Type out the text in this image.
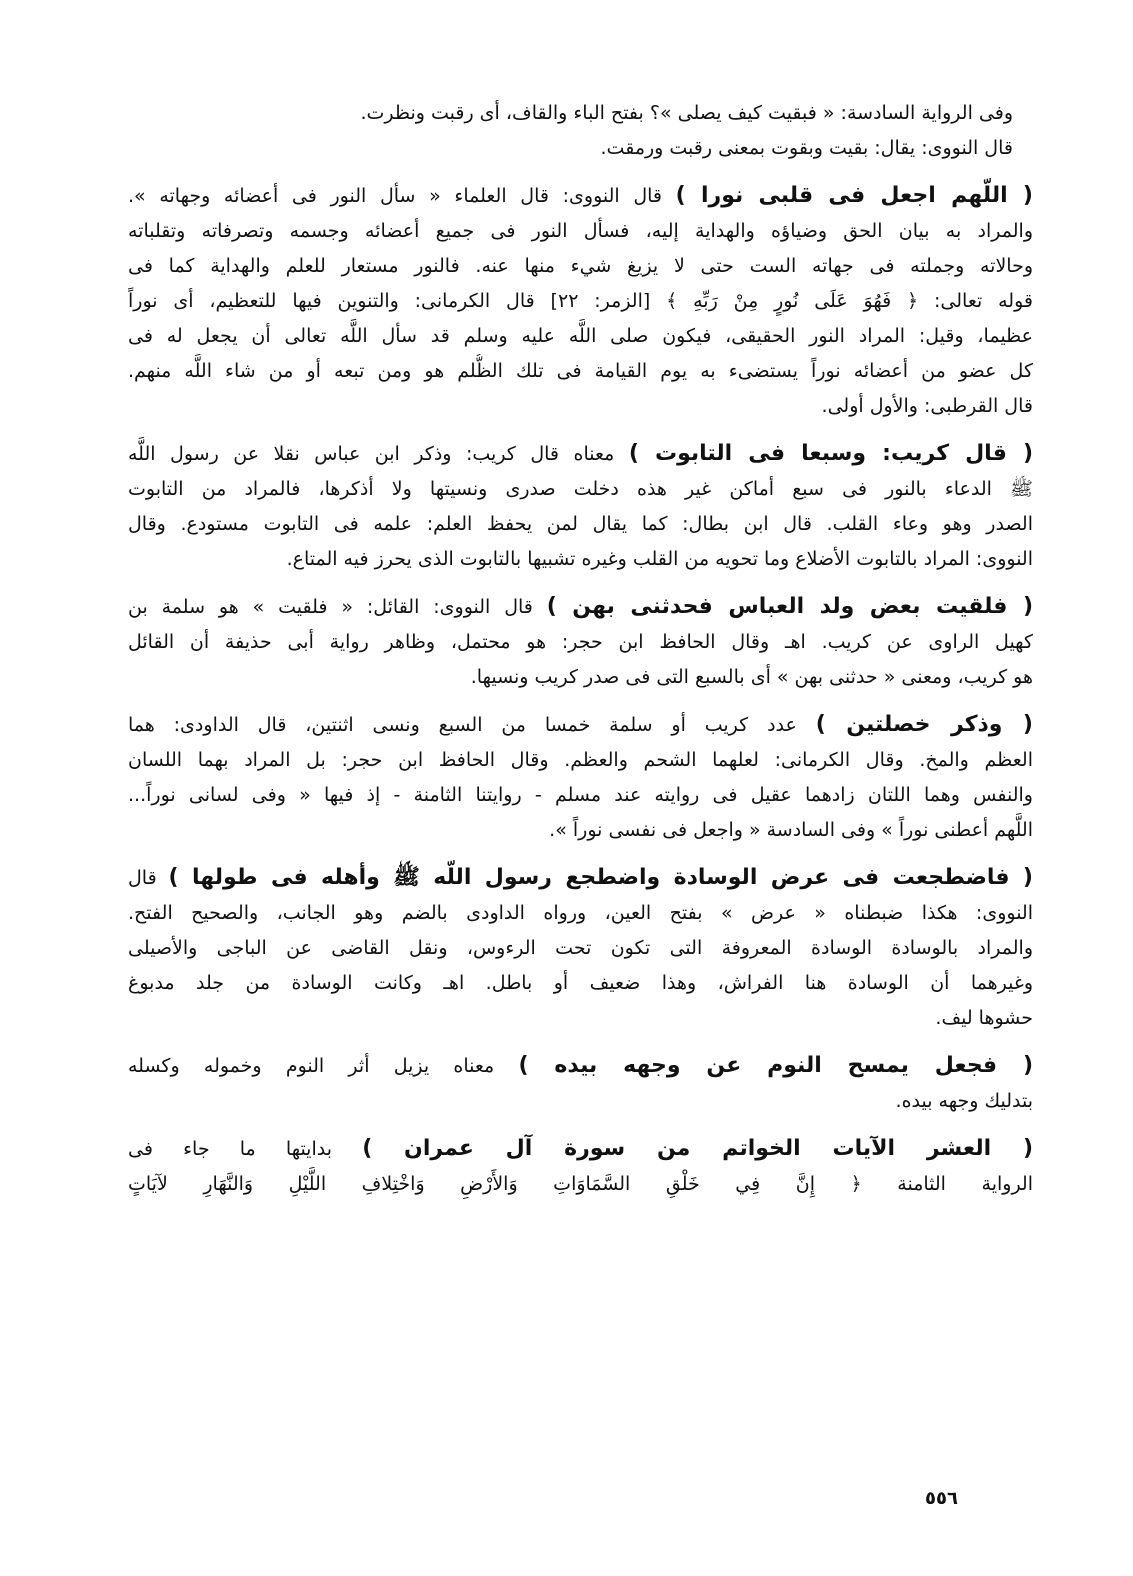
وفى الرواية السادسة: « فبقيت كيف يصلى »؟ بفتح الباء والقاف، أى رقبت ونظرت.

قال النووى: يقال: بقيت وبقوت بمعنى رقبت ورمقت.

( اللَّهم اجعل فى قلبى نورا ) قال النووى: قال العلماء « سأل النور فى أعضائه وجهاته ».

والمراد به بيان الحق وضياؤه والهداية إليه، فسأل النور فى جميع أعضائه وجسمه وتصرفاته وتقلباته

وحالاته وجملته فى جهاته الست حتى لا يزيغ شيء منها عنه. فالنور مستعار للعلم والهداية كما فى

قوله تعالى: ﴿ فَهُوَ عَلَى نُورٍ مِنْ رَبِّهِ ﴾ [الزمر: ٢٢] قال الكرمانى: والتنوين فيها للتعظيم، أى نوراً

عظيما، وقيل: المراد النور الحقيقى، فيكون صلى اللَّه عليه وسلم قد سأل اللَّه تعالى أن يجعل له فى

كل عضو من أعضائه نوراً يستضىء به يوم القيامة فى تلك الظُّلم هو ومن تبعه أو من شاء اللَّه منهم.

قال القرطبى: والأول أولى.

( قال كريب: وسبعا فى التابوت ) معناه قال كريب: وذكر ابن عباس نقلا عن رسول اللَّه

ﷺ الدعاء بالنور فى سبع أماكن غير هذه دخلت صدرى ونسيتها ولا أذكرها، فالمراد من التابوت

الصدر وهو وعاء القلب. قال ابن بطال: كما يقال لمن يحفظ العلم: علمه فى التابوت مستودع. وقال

النووى: المراد بالتابوت الأضلاع وما تحويه من القلب وغيره تشبيها بالتابوت الذى يحرز فيه المتاع.

( فلقيت بعض ولد العباس فحدثنى بهن ) قال النووى: القائل: « فلقيت » هو سلمة بن

كهيل الراوى عن كريب. اهـ وقال الحافظ ابن حجر: هو محتمل، وظاهر رواية أبى حذيفة أن القائل

هو كريب، ومعنى « حدثنى بهن » أى بالسبع التى فى صدر كريب ونسيها.

( وذكر خصلتين ) عدد كريب أو سلمة خمسا من السبع ونسى اثنتين، قال الداودى: هما

العظم والمخ. وقال الكرمانى: لعلهما الشحم والعظم. وقال الحافظ ابن حجر: بل المراد بهما اللسان

والنفس وهما اللتان زادهما عقيل فى روايته عند مسلم - روايتنا الثامنة - إذ فيها « وفى لسانى نوراً...

اللَّهم أعطنى نوراً » وفى السادسة « واجعل فى نفسى نوراً ».

( فاضطجعت فى عرض الوسادة واضطجع رسول اللَّه ﷺ وأهله فى طولها ) قال

النووى: هكذا ضبطناه « عرض » بفتح العين، ورواه الداودى بالضم وهو الجانب، والصحيح الفتح.

والمراد بالوسادة الوسادة المعروفة التى تكون تحت الرءوس، ونقل القاضى عن الباجى والأصيلى

وغيرهما أن الوسادة هنا الفراش، وهذا ضعيف أو باطل. اهـ وكانت الوسادة من جلد مدبوغ

حشوها ليف.

( فجعل يمسح النوم عن وجهه بيده ) معناه يزيل أثر النوم وخموله وكسله

بتدليك وجهه بيده.

( العشر الآيات الخواتم من سورة آل عمران ) بدايتها ما جاء فى

الرواية الثامنة ﴿ إِنَّ فِي خَلْقِ السَّمَاوَاتِ وَالأَرْضِ وَاخْتِلافِ اللَّيْلِ وَالنَّهَارِ لآيَاتٍ

٥٥٦
